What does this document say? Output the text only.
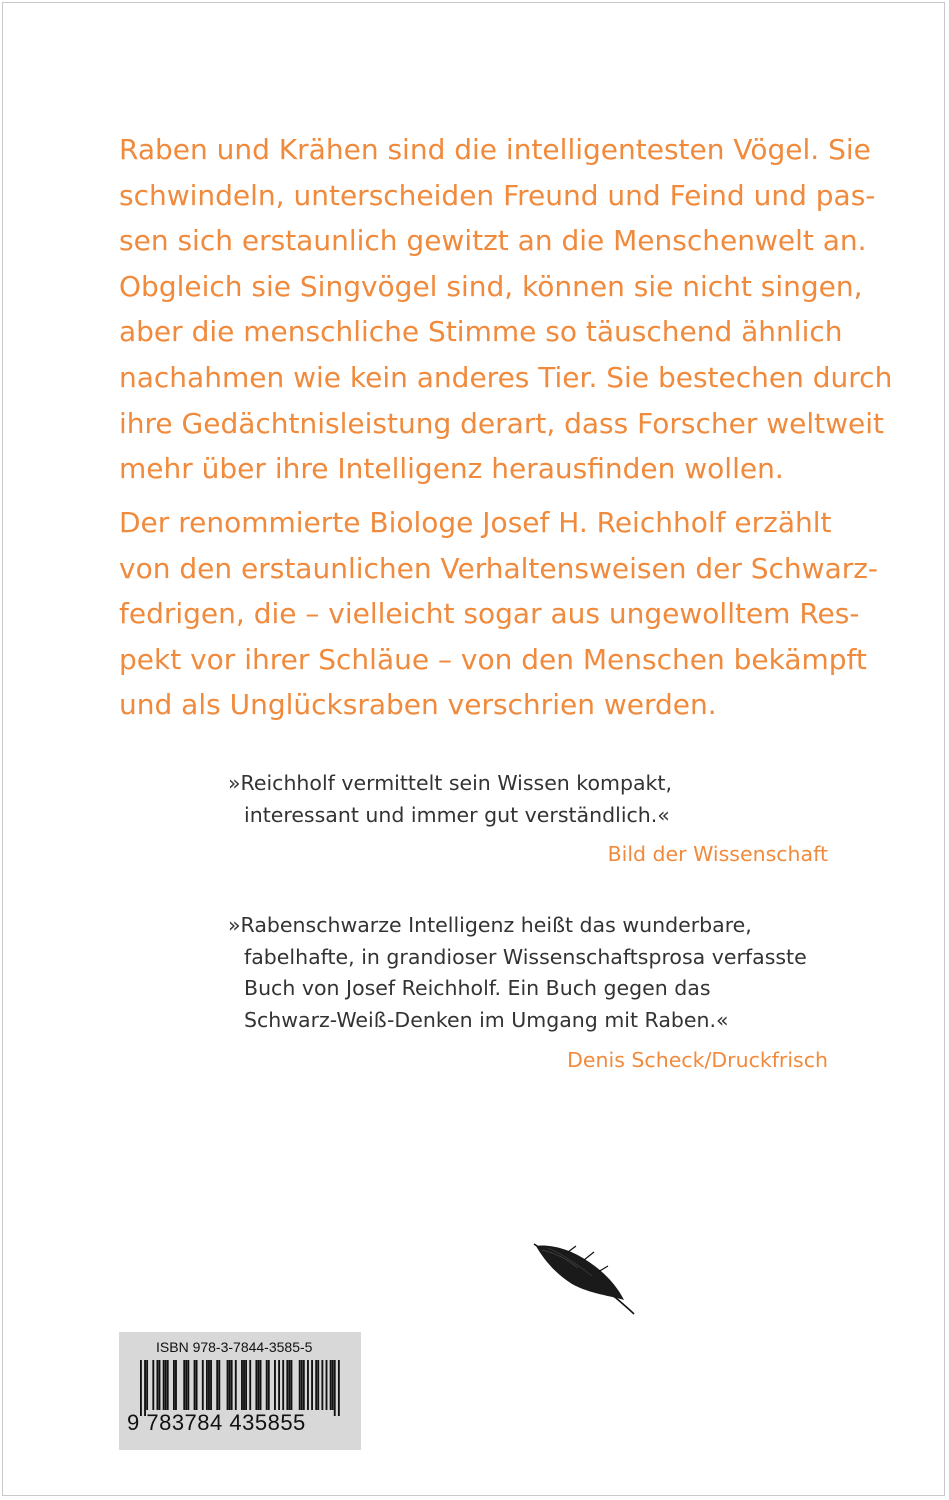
Raben und Krähen sind die intelligentesten Vögel. Sie
schwindeln, unterscheiden Freund und Feind und pas-
sen sich erstaunlich gewitzt an die Menschenwelt an.
Obgleich sie Singvögel sind, können sie nicht singen,
aber die menschliche Stimme so täuschend ähnlich
nachahmen wie kein anderes Tier. Sie bestechen durch
ihre Gedächtnisleistung derart, dass Forscher weltweit
mehr über ihre Intelligenz herausfinden wollen.
Der renommierte Biologe Josef H. Reichholf erzählt
von den erstaunlichen Verhaltensweisen der Schwarz-
fedrigen, die – vielleicht sogar aus ungewolltem Res-
pekt vor ihrer Schläue – von den Menschen bekämpft
und als Unglücksraben verschrien werden.
»Reichholf vermittelt sein Wissen kompakt,
interessant und immer gut verständlich.«
Bild der Wissenschaft
»Rabenschwarze Intelligenz heißt das wunderbare,
fabelhafte, in grandioser Wissenschaftsprosa verfasste
Buch von Josef Reichholf. Ein Buch gegen das
Schwarz-Weiß-Denken im Umgang mit Raben.«
Denis Scheck/Druckfrisch
ISBN 978-3-7844-3585-5
9 783784 435855
